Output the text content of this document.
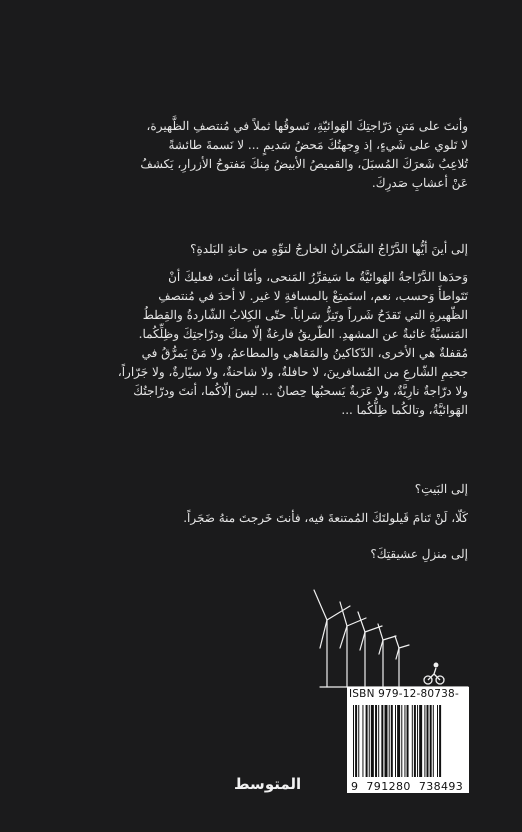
وأنتَ على مَتنِ دَرّاجتِكَ الهَوائيّةِ، تَسوقُها ثملاً في مُنتصفِ الظَّهيرة،
لا تَلوي على شَيءٍ، إذ وِجهتُكَ مَحضُ سَديمٍ ... لا نَسمةَ طائشةً
تُلاعِبُ شَعرَكَ المُسبَلَ، والقميصُ الأبيضُ مِنكَ مَفتوحُ الأزرارِ، يَكشفُ
عَنْ أعشابِ صَدرِكَ.

إلى أينَ أيُّها الدَّرّاجُ السَّكرانُ الخارجُ لتوِّهِ من حانةِ البَلدةِ؟

وَحدَها الدَّرّاجةُ الهَوائيَّةُ ما سَيقرِّرُ المَنحى، وأمّا أنتَ، فعليكَ أنْ
تَتَواطأَ وَحسب، نعم، استَمتِعْ بالمسافةِ لا غير. لا أحدَ في مُنتصفِ
الظّهيرةِ التي تَقدَحُ شَرراً وتَنِزُّ سَراباً. حتّى الكِلابُ الشّاردةُ والقِططُ
المَنسيَّةُ غائبةٌ عن المشهدِ. الطّريقُ فارغةٌ إلّا منكَ ودرّاجتِكَ وظِلِّكُما.
مُقفلةٌ هي الأخرى، الدّكاكينُ والمَقاهي والمطاعمُ، ولا مَنْ يَمرُّقُ في
جحيمِ الشّارعِ من المُسافرينَ، لا حافلةٌ، ولا شاحنةٌ، ولا سيّارةٌ، ولا جَرّاراً،
ولا درّاجةٌ نارِيَّةٌ، ولا عَرَبةٌ يَسحبُها حِصانٌ ... ليسَ إلّاكُما، أنتَ ودرّاجتُكَ
الهَوائيَّةُ، وتالكُما ظِلُّكُما ...

إلى البَيتِ؟

كَلّا، لَنْ تَنامَ قَيلولتَكَ المُمتنعةَ فيه، فأنتَ خَرجتَ منهُ ضَجَراً.

إلى منزلِ عشيقتِكَ؟

ISBN 979-12-80738-
9 791280 738493
المتوسط
